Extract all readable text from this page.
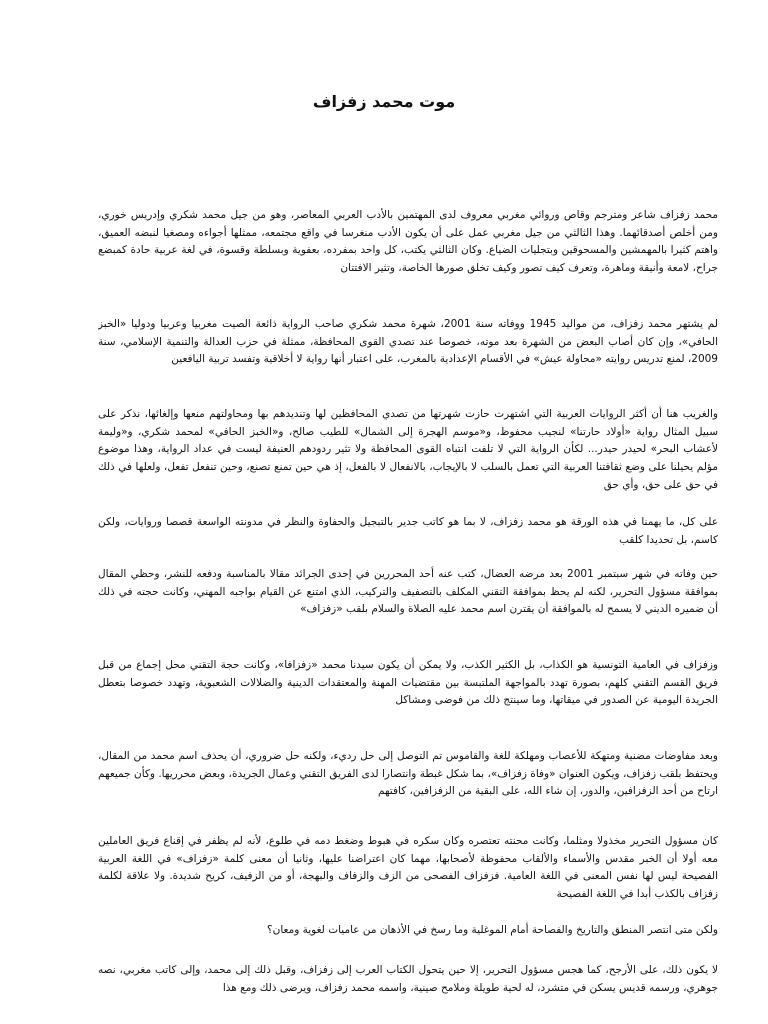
موت محمد زفزاف

محمد زفزاف شاعر ومترجم وقاص وروائي مغربي معروف لدى المهتمين بالأدب العربي المعاصر، وهو من جيل محمد شكري وإدريس خوري، ومن أخلص أصدقائهما. وهذا الثالثي من جيل مغربي عمل على أن يكون الأدب منغرسا في واقع مجتمعه، ممثلها أجواءه ومصغيا لنبضه العميق، واهتم كثيرا بالمهمشين والمسحوقين وبتجليات الضياع. وكان الثالثي يكتب، كل واحد بمفرده، بعفوية وبسلطة وقسوة، في لغة عربية حادة كمبضع جراح، لامعة وأنيقة وماهرة، وتعرف كيف تصور وكيف تخلق صورها الخاصة، وتثير الافتتان

لم يشتهر محمد زفزاف، من مواليد 1945 ووفاته سنة 2001، شهرة محمد شكري صاحب الرواية ذائعة الصيت مغربيا وعربيا ودوليا «الخبز الحافي»، وإن كان أصاب البعض من الشهرة بعد موته، خصوصا عند تصدي القوى المحافظة، ممثلة في حزب العدالة والتنمية الإسلامي، سنة 2009، لمنع تدريس روايته «محاولة عيش» في الأقسام الإعدادية بالمغرب، على اعتبار أنها رواية لا أخلاقية وتفسد تربية اليافعين

والغريب هنا أن أكثر الروايات العربية التي اشتهرت حازت شهرتها من تصدي المحافظين لها وتنديدهم بها ومحاولتهم منعها وإلغائها، نذكر على سبيل المثال رواية «أولاد حارتنا» لنجيب محفوظ، و«موسم الهجرة إلى الشمال» للطيب صالح، و«الخبز الحافي» لمحمد شكري، و«وليمة لأعشاب البحر» لحيدر حيدر... لكأن الرواية التي لا تلفت انتباه القوى المحافظة ولا تثير ردودهم العنيفة ليست في عداد الرواية، وهذا موضوع مؤلم يحيلنا على وضع ثقافتنا العربية التي تعمل بالسلب لا بالإيجاب، بالانفعال لا بالفعل، إذ هي حين تمنع تصنع، وحين تنفعل تفعل، ولعلها في ذلك في حق على حق، وأي حق

على كل، ما يهمنا في هذه الورقة هو محمد زفزاف، لا بما هو كاتب جدير بالتبجيل والحفاوة والنظر في مدونته الواسعة قصصا وروايات، ولكن كاسم، بل تحديدا كلقب

حين وفاته في شهر سبتمبر 2001 بعد مرضه العضال، كتب عنه أحد المحررين في إحدى الجرائد مقالا بالمناسبة ودفعه للنشر، وحظي المقال بموافقة مسؤول التحرير، لكنه لم يحظ بموافقة التقني المكلف بالتصفيف والتركيب، الذي امتنع عن القيام بواجبه المهني، وكانت حجته في ذلك أن ضميره الديني لا يسمح له بالموافقة أن يقترن اسم محمد عليه الصلاة والسلام بلقب «زفزاف»

وزفزاف في العامية التونسية هو الكذاب، بل الكثير الكذب، ولا يمكن أن يكون سيدنا محمد «زفزافا»، وكانت حجة التقني محل إجماع من قبل فريق القسم التقني كلهم، بصورة تهدد بالمواجهة الملتبسة بين مقتضيات المهنة والمعتقدات الدينية والضلالات الشعبوية، وتهدد خصوصا بتعطل الجريدة اليومية عن الصدور في ميقاتها، وما سينتج ذلك من فوضى ومشاكل

وبعد مفاوضات مضنية ومتهكة للأعصاب ومهلكة للغة والقاموس تم التوصل إلى حل رديء، ولكنه حل ضروري، أن يحذف اسم محمد من المقال، ويحتفظ بلقب زفزاف، ويكون العنوان «وفاة زفزاف»، بما شكل غبطة وانتصارا لدى الفريق التقني وعمال الجريدة، وبعض محرريها. وكأن جميعهم ارتاح من أحد الزفزافين، والدور، إن شاء الله، على البقية من الزفزافين، كافتهم

كان مسؤول التحرير مخذولا ومثلما، وكانت محنته تعتصره وكان سكره في هبوط وضغط دمه في طلوع، لأنه لم يظفر في إقناع فريق العاملين معه أولا أن الخبر مقدس والأسماء والألقاب محفوظة لأصحابها، مهما كان اعتراضنا عليها، وثانيا أن معنى كلمة «زفزاف» في اللغة العربية الفصيحة ليس لها نفس المعنى في اللغة العامية. فزفزاف الفصحى من الزف والزفاف والبهجة، أو من الزفيف، كريح شديدة. ولا علاقة لكلمة زفزاف بالكذب أبدا في اللغة الفصيحة

ولكن متى انتصر المنطق والتاريخ والفصاحة أمام الموغلية وما رسخ في الأذهان من عاميات لغوية ومعان؟

لا يكون ذلك، على الأرجح، كما هجس مسؤول التحرير، إلا حين يتحول الكتاب العرب إلى زفزاف، وقبل ذلك إلى محمد، وإلى كاتب مغربي، نصه جوهري، ورسمه قديس يسكن في متشرد، له لحية طويلة وملامح صينية، واسمه محمد زفزاف، ويرضى ذلك ومع هذا
